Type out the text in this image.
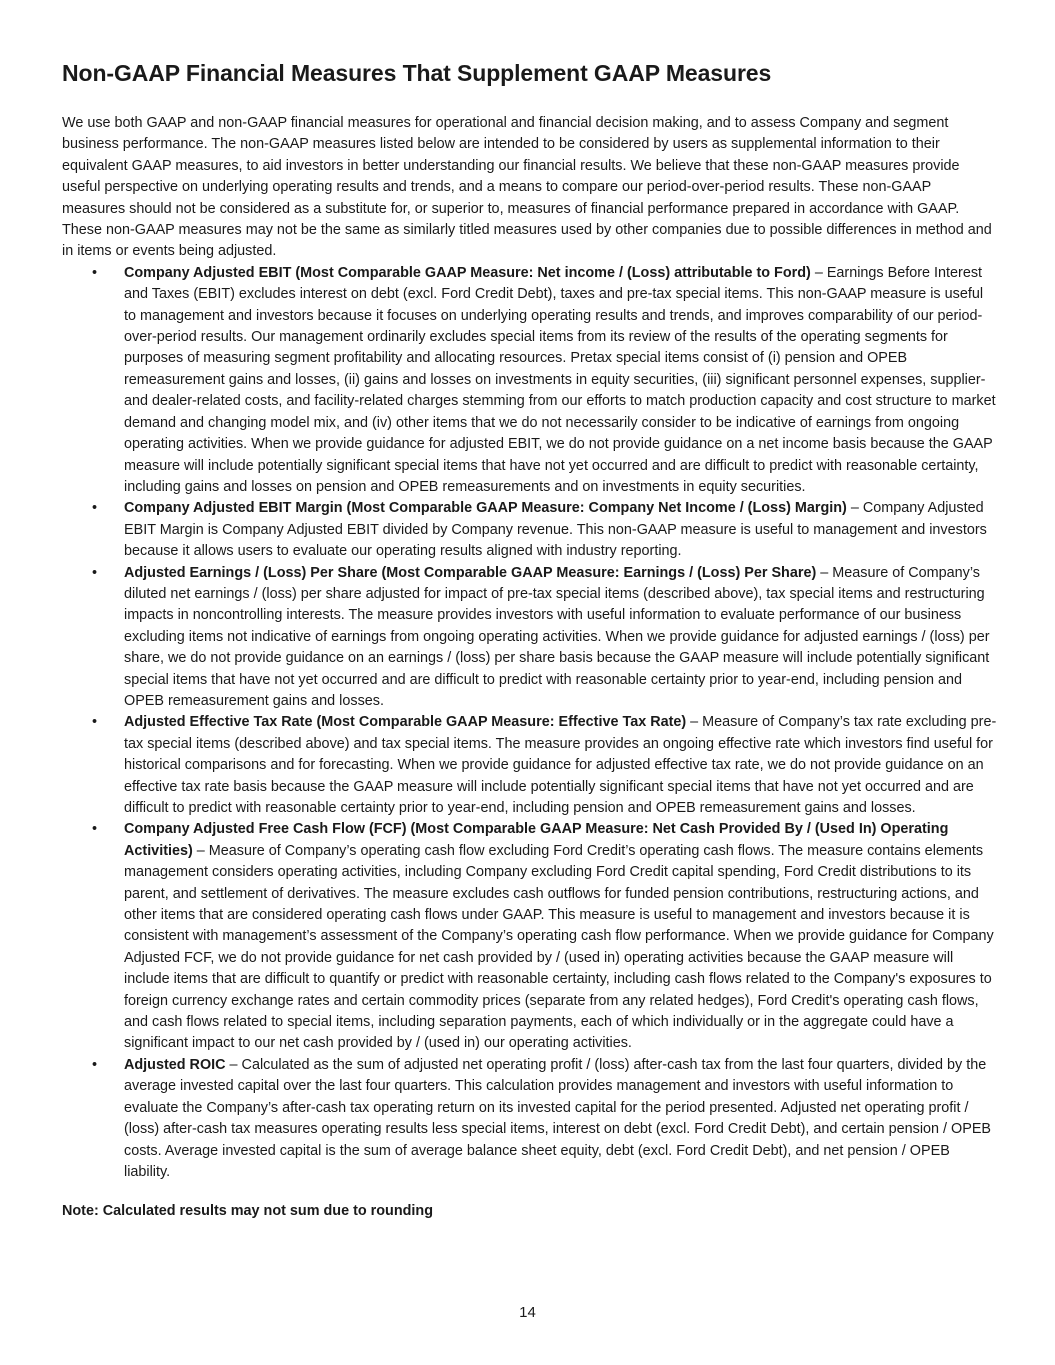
Non-GAAP Financial Measures That Supplement GAAP Measures

We use both GAAP and non-GAAP financial measures for operational and financial decision making, and to assess Company and segment business performance. The non-GAAP measures listed below are intended to be considered by users as supplemental information to their equivalent GAAP measures, to aid investors in better understanding our financial results. We believe that these non-GAAP measures provide useful perspective on underlying operating results and trends, and a means to compare our period-over-period results. These non-GAAP measures should not be considered as a substitute for, or superior to, measures of financial performance prepared in accordance with GAAP. These non-GAAP measures may not be the same as similarly titled measures used by other companies due to possible differences in method and in items or events being adjusted.

• Company Adjusted EBIT (Most Comparable GAAP Measure: Net income / (Loss) attributable to Ford) – Earnings Before Interest and Taxes (EBIT) excludes interest on debt (excl. Ford Credit Debt), taxes and pre-tax special items. This non-GAAP measure is useful to management and investors because it focuses on underlying operating results and trends, and improves comparability of our period-over-period results. Our management ordinarily excludes special items from its review of the results of the operating segments for purposes of measuring segment profitability and allocating resources. Pretax special items consist of (i) pension and OPEB remeasurement gains and losses, (ii) gains and losses on investments in equity securities, (iii) significant personnel expenses, supplier- and dealer-related costs, and facility-related charges stemming from our efforts to match production capacity and cost structure to market demand and changing model mix, and (iv) other items that we do not necessarily consider to be indicative of earnings from ongoing operating activities. When we provide guidance for adjusted EBIT, we do not provide guidance on a net income basis because the GAAP measure will include potentially significant special items that have not yet occurred and are difficult to predict with reasonable certainty, including gains and losses on pension and OPEB remeasurements and on investments in equity securities.
• Company Adjusted EBIT Margin (Most Comparable GAAP Measure: Company Net Income / (Loss) Margin) – Company Adjusted EBIT Margin is Company Adjusted EBIT divided by Company revenue. This non-GAAP measure is useful to management and investors because it allows users to evaluate our operating results aligned with industry reporting.
• Adjusted Earnings / (Loss) Per Share (Most Comparable GAAP Measure: Earnings / (Loss) Per Share) – Measure of Company’s diluted net earnings / (loss) per share adjusted for impact of pre-tax special items (described above), tax special items and restructuring impacts in noncontrolling interests. The measure provides investors with useful information to evaluate performance of our business excluding items not indicative of earnings from ongoing operating activities. When we provide guidance for adjusted earnings / (loss) per share, we do not provide guidance on an earnings / (loss) per share basis because the GAAP measure will include potentially significant special items that have not yet occurred and are difficult to predict with reasonable certainty prior to year-end, including pension and OPEB remeasurement gains and losses.
• Adjusted Effective Tax Rate (Most Comparable GAAP Measure: Effective Tax Rate) – Measure of Company’s tax rate excluding pre-tax special items (described above) and tax special items. The measure provides an ongoing effective rate which investors find useful for historical comparisons and for forecasting. When we provide guidance for adjusted effective tax rate, we do not provide guidance on an effective tax rate basis because the GAAP measure will include potentially significant special items that have not yet occurred and are difficult to predict with reasonable certainty prior to year-end, including pension and OPEB remeasurement gains and losses.
• Company Adjusted Free Cash Flow (FCF) (Most Comparable GAAP Measure: Net Cash Provided By / (Used In) Operating Activities) – Measure of Company’s operating cash flow excluding Ford Credit’s operating cash flows. The measure contains elements management considers operating activities, including Company excluding Ford Credit capital spending, Ford Credit distributions to its parent, and settlement of derivatives. The measure excludes cash outflows for funded pension contributions, restructuring actions, and other items that are considered operating cash flows under GAAP. This measure is useful to management and investors because it is consistent with management’s assessment of the Company’s operating cash flow performance. When we provide guidance for Company Adjusted FCF, we do not provide guidance for net cash provided by / (used in) operating activities because the GAAP measure will include items that are difficult to quantify or predict with reasonable certainty, including cash flows related to the Company's exposures to foreign currency exchange rates and certain commodity prices (separate from any related hedges), Ford Credit's operating cash flows, and cash flows related to special items, including separation payments, each of which individually or in the aggregate could have a significant impact to our net cash provided by / (used in) our operating activities.
• Adjusted ROIC – Calculated as the sum of adjusted net operating profit / (loss) after-cash tax from the last four quarters, divided by the average invested capital over the last four quarters. This calculation provides management and investors with useful information to evaluate the Company’s after-cash tax operating return on its invested capital for the period presented. Adjusted net operating profit / (loss) after-cash tax measures operating results less special items, interest on debt (excl. Ford Credit Debt), and certain pension / OPEB costs. Average invested capital is the sum of average balance sheet equity, debt (excl. Ford Credit Debt), and net pension / OPEB liability.

Note: Calculated results may not sum due to rounding

14
